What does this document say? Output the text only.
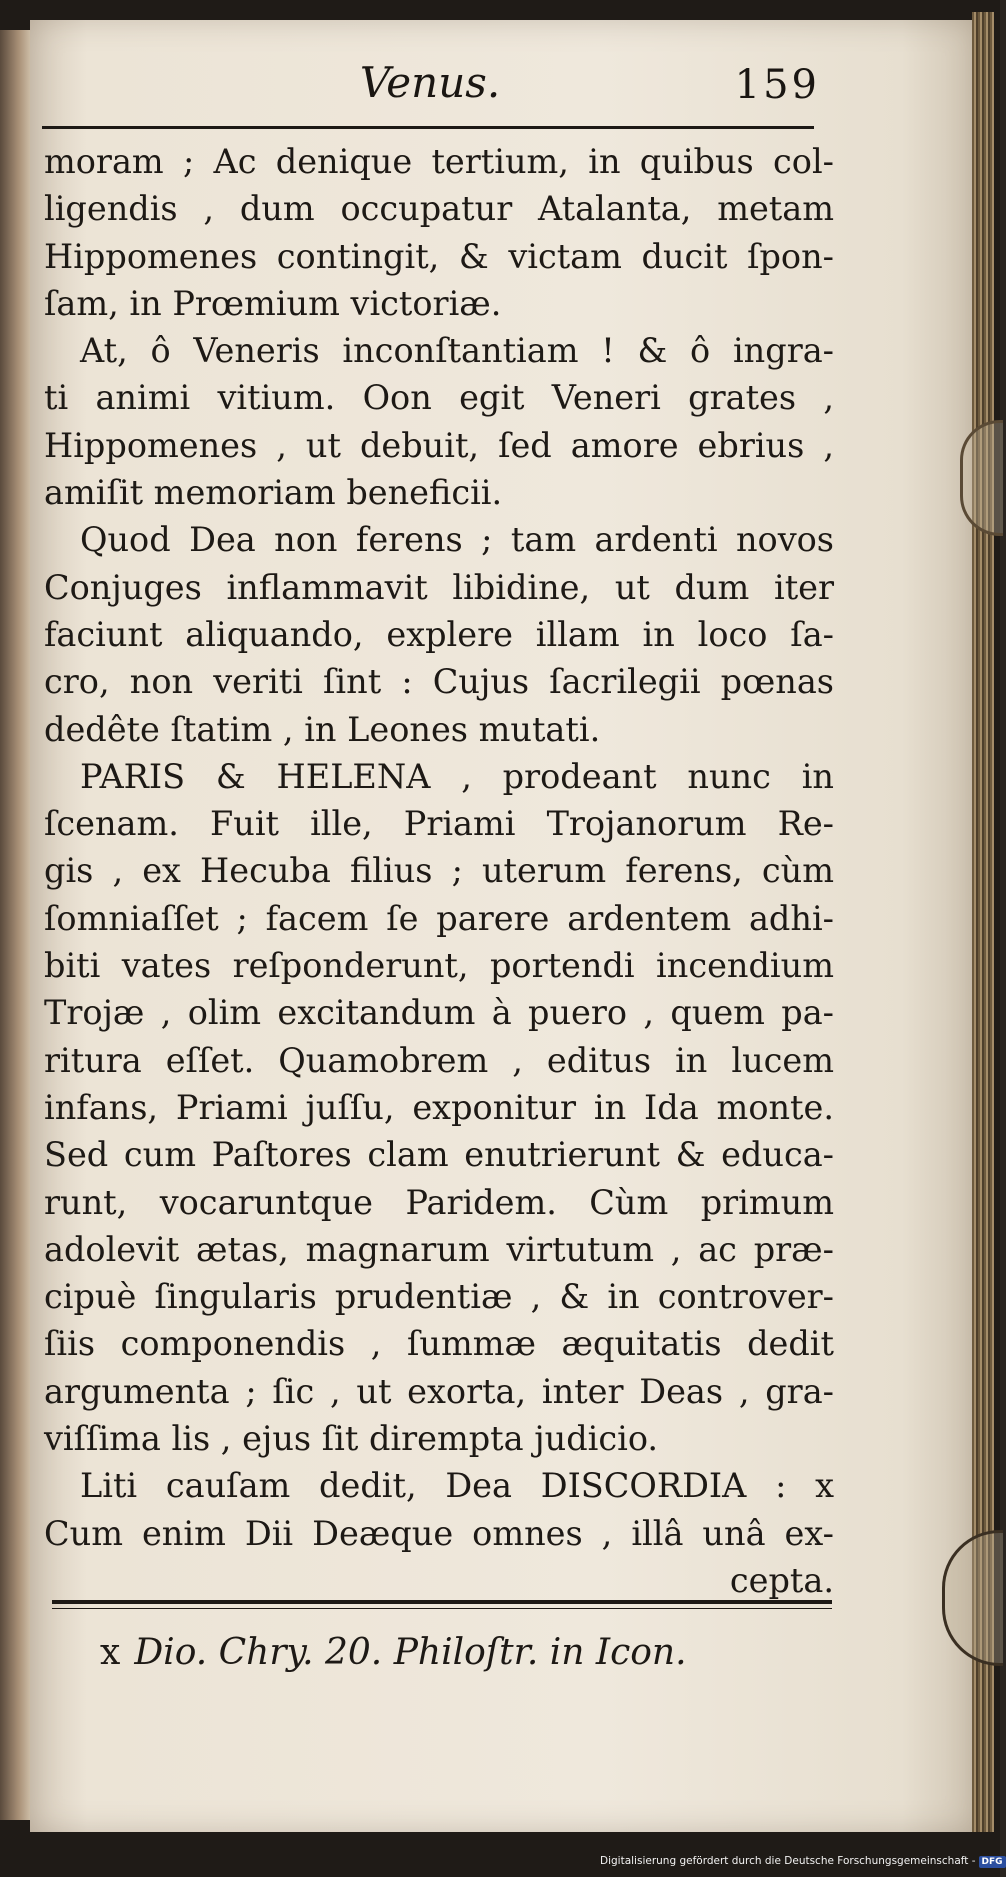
Venus.	159
moram ; Ac denique tertium, in quibus col-
ligendis , dum occupatur Atalanta, metam
Hippomenes contingit, & victam ducit ſpon-
ſam, in Prœmium victoriæ.
At, ô Veneris inconſtantiam ! & ô ingra-
ti animi vitium. Oon egit Veneri grates ,
Hippomenes , ut debuit, ſed amore ebrius ,
amiſit memoriam beneficii.
Quod Dea non ferens ; tam ardenti novos
Conjuges inflammavit libidine, ut dum iter
faciunt aliquando, explere illam in loco ſa-
cro, non veriti ſint : Cujus ſacrilegii pœnas
dedête ſtatim , in Leones mutati.
PARIS & HELENA , prodeant nunc in
ſcenam. Fuit ille, Priami Trojanorum Re-
gis , ex Hecuba filius ; uterum ferens, cùm
ſomniaſſet ; facem ſe parere ardentem adhi-
biti vates reſponderunt, portendi incendium
Trojæ , olim excitandum à puero , quem pa-
ritura eſſet. Quamobrem , editus in lucem
infans, Priami juſſu, exponitur in Ida monte.
Sed cum Paſtores clam enutrierunt & educa-
runt, vocaruntque Paridem. Cùm primum
adolevit ætas, magnarum virtutum , ac præ-
cipuè ſingularis prudentiæ , & in controver-
ſiis componendis , ſummæ æquitatis dedit
argumenta ; ſic , ut exorta, inter Deas , gra-
viſſima lis , ejus ſit dirempta judicio.
Liti cauſam dedit, Dea DISCORDIA : x
Cum enim Dii Deæque omnes , illâ unâ ex-
cepta.
x Dio. Chry. 20. Philoſtr. in Icon.
Digitalisierung gefördert durch die Deutsche Forschungsgemeinschaft - DFG
